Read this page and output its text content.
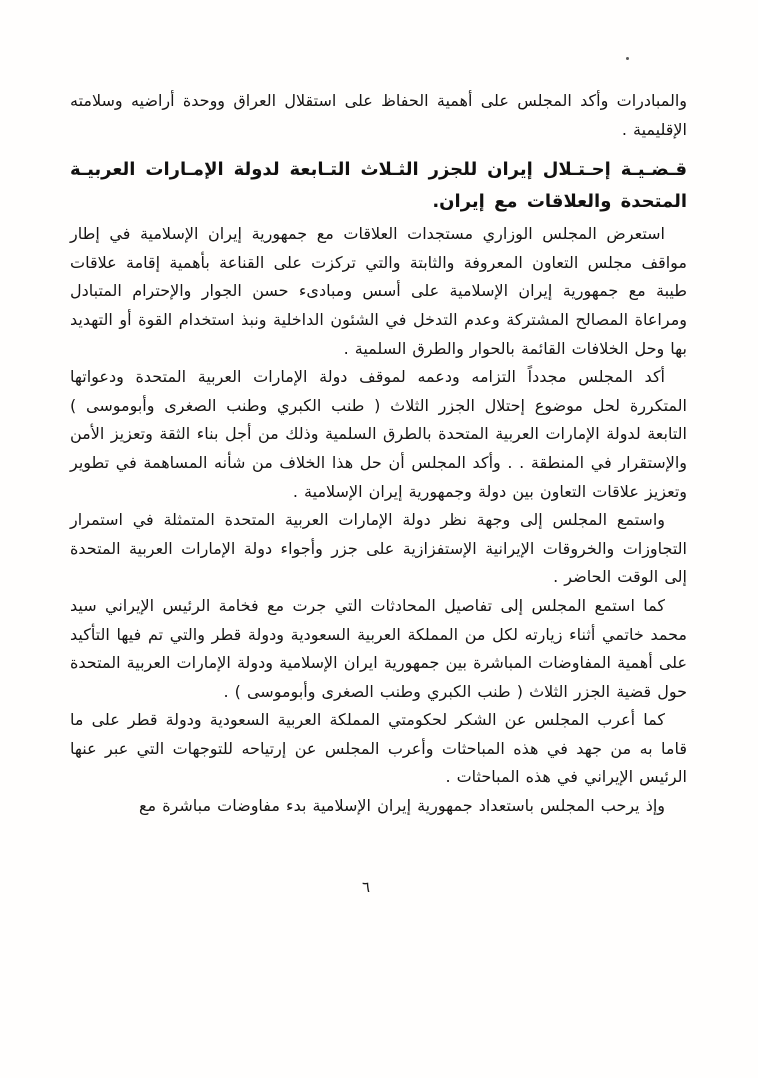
والمبادرات وأكد المجلس على أهمية الحفاظ على استقلال العراق ووحدة أراضيه وسلامته الإقليمية .

قـضـيـة إحـتـلال إيران للجزر الثـلاث التـابعة لدولة الإمـارات العربيـة المتحدة والعلاقات مع إيران.

استعرض المجلس الوزاري مستجدات العلاقات مع جمهورية إيران الإسلامية في إطار مواقف مجلس التعاون المعروفة والثابتة والتي تركزت على القناعة بأهمية إقامة علاقات طيبة مع جمهورية إيران الإسلامية على أسس ومبادىء حسن الجوار والإحترام المتبادل ومراعاة المصالح المشتركة وعدم التدخل في الشئون الداخلية ونبذ استخدام القوة أو التهديد بها وحل الخلافات القائمة بالحوار والطرق السلمية .

أكد المجلس مجدداً التزامه ودعمه لموقف دولة الإمارات العربية المتحدة ودعواتها المتكررة لحل موضوع إحتلال الجزر الثلاث ( طنب الكبري وطنب الصغرى وأبوموسى ) التابعة لدولة الإمارات العربية المتحدة بالطرق السلمية وذلك من أجل بناء الثقة وتعزيز الأمن والإستقرار في المنطقة . . وأكد المجلس أن حل هذا الخلاف من شأنه المساهمة في تطوير وتعزيز علاقات التعاون بين دولة وجمهورية إيران الإسلامية .

واستمع المجلس إلى وجهة نظر دولة الإمارات العربية المتحدة المتمثلة في استمرار التجاوزات والخروقات الإيرانية الإستفزازية على جزر وأجواء دولة الإمارات العربية المتحدة إلى الوقت الحاضر .

كما استمع المجلس إلى تفاصيل المحادثات التي جرت مع فخامة الرئيس الإيراني سيد محمد خاتمي أثناء زيارته لكل من المملكة العربية السعودية ودولة قطر والتي تم فيها التأكيد على أهمية المفاوضات المباشرة بين جمهورية ايران الإسلامية ودولة الإمارات العربية المتحدة حول قضية الجزر الثلاث ( طنب الكبري وطنب الصغرى وأبوموسى ) .

كما أعرب المجلس عن الشكر لحكومتي المملكة العربية السعودية ودولة قطر على ما قاما به من جهد في هذه المباحثات وأعرب المجلس عن إرتياحه للتوجهات التي عبر عنها الرئيس الإيراني في هذه المباحثات .

وإذ يرحب المجلس باستعداد جمهورية إيران الإسلامية بدء مفاوضات مباشرة مع

٦
